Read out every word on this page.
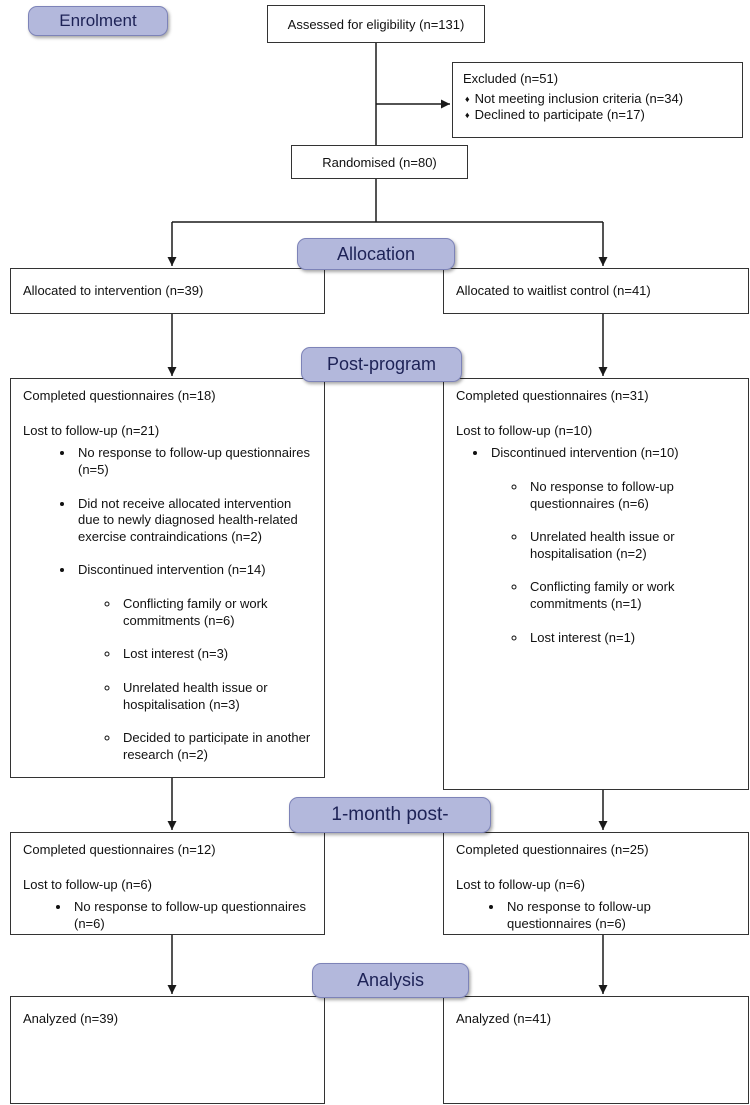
Enrolment
Allocation
Post-program
1-month post-
Analysis
Assessed for eligibility (n=131)
Excluded (n=51)
♦ Not meeting inclusion criteria (n=34)
♦ Declined to participate (n=17)
Randomised (n=80)
Allocated to intervention (n=39)	Allocated to waitlist control (n=41)
Completed questionnaires (n=18)
Lost to follow-up (n=21)
• No response to follow-up questionnaires (n=5)
• Did not receive allocated intervention due to newly diagnosed health-related exercise contraindications (n=2)
• Discontinued intervention (n=14)
◦ Conflicting family or work commitments (n=6)
◦ Lost interest (n=3)
◦ Unrelated health issue or hospitalisation (n=3)
◦ Decided to participate in another research (n=2)
Completed questionnaires (n=31)
Lost to follow-up (n=10)
• Discontinued intervention (n=10)
◦ No response to follow-up questionnaires (n=6)
◦ Unrelated health issue or hospitalisation (n=2)
◦ Conflicting family or work commitments (n=1)
◦ Lost interest (n=1)
Completed questionnaires (n=12)
Lost to follow-up (n=6)
• No response to follow-up questionnaires (n=6)
Completed questionnaires (n=25)
Lost to follow-up (n=6)
• No response to follow-up questionnaires (n=6)
Analyzed (n=39)	Analyzed (n=41)
